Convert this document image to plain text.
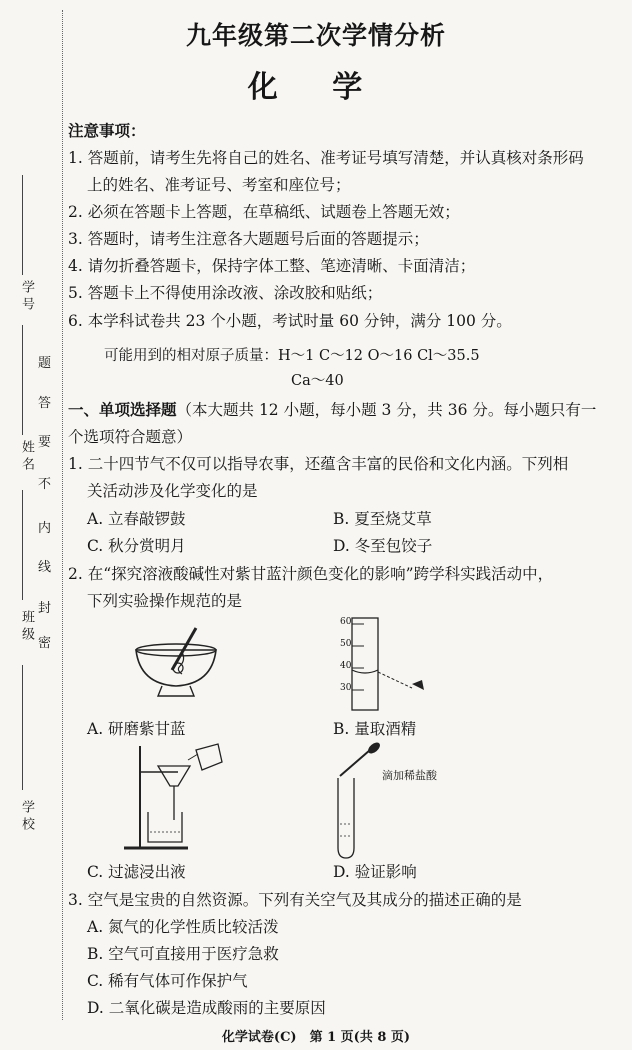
学 号
姓 名
班 级
学 校
密
封
线
内
不
要
答
题
九年级第二次学情分析
化 学
注意事项：
1. 答题前，请考生先将自己的姓名、准考证号填写清楚，并认真核对条形码
上的姓名、准考证号、考室和座位号；
2. 必须在答题卡上答题，在草稿纸、试题卷上答题无效；
3. 答题时，请考生注意各大题题号后面的答题提示；
4. 请勿折叠答题卡，保持字体工整、笔迹清晰、卡面清洁；
5. 答题卡上不得使用涂改液、涂改胶和贴纸；
6. 本学科试卷共 23 个小题，考试时量 60 分钟，满分 100 分。
可能用到的相对原子质量：H～1 C～12 O～16 Cl～35.5
Ca～40
一、单项选择题（本大题共 12 小题，每小题 3 分，共 36 分。每小题只有一
个选项符合题意）
1. 二十四节气不仅可以指导农事，还蕴含丰富的民俗和文化内涵。下列相
关活动涉及化学变化的是
A. 立春敲锣鼓	B. 夏至烧艾草
C. 秋分赏明月	D. 冬至包饺子
2. 在“探究溶液酸碱性对紫甘蓝汁颜色变化的影响”跨学科实践活动中，
下列实验操作规范的是
60
50
40
30
A. 研磨紫甘蓝	B. 量取酒精
滴加稀盐酸
C. 过滤浸出液	D. 验证影响
3. 空气是宝贵的自然资源。下列有关空气及其成分的描述正确的是
A. 氮气的化学性质比较活泼
B. 空气可直接用于医疗急救
C. 稀有气体可作保护气
D. 二氧化碳是造成酸雨的主要原因
化学试卷(C)　第 1 页(共 8 页)
